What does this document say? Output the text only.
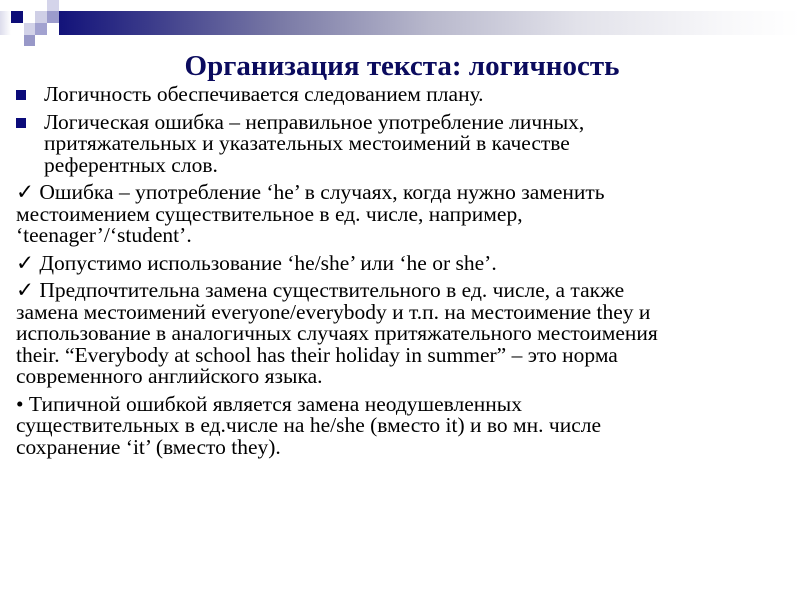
Организация текста: логичность
Логичность обеспечивается следованием плану.
Логическая ошибка – неправильное употребление личных,
притяжательных и указательных местоимений в качестве
референтных слов.
✓ Ошибка – употребление ‘he’ в случаях, когда нужно заменить
местоимением существительное в ед. числе, например,
‘teenager’/‘student’.
✓ Допустимо использование ‘he/she’ или ‘he or she’.
✓ Предпочтительна замена существительного в ед. числе, а также
замена местоимений everyone/everybody и т.п. на местоимение they и
использование в аналогичных случаях притяжательного местоимения
their. “Everybody at school has their holiday in summer” – это норма
современного английского языка.
• Типичной ошибкой является замена неодушевленных
существительных в ед.числе на he/she (вместо it) и во мн. числе
сохранение ‘it’ (вместо they).
